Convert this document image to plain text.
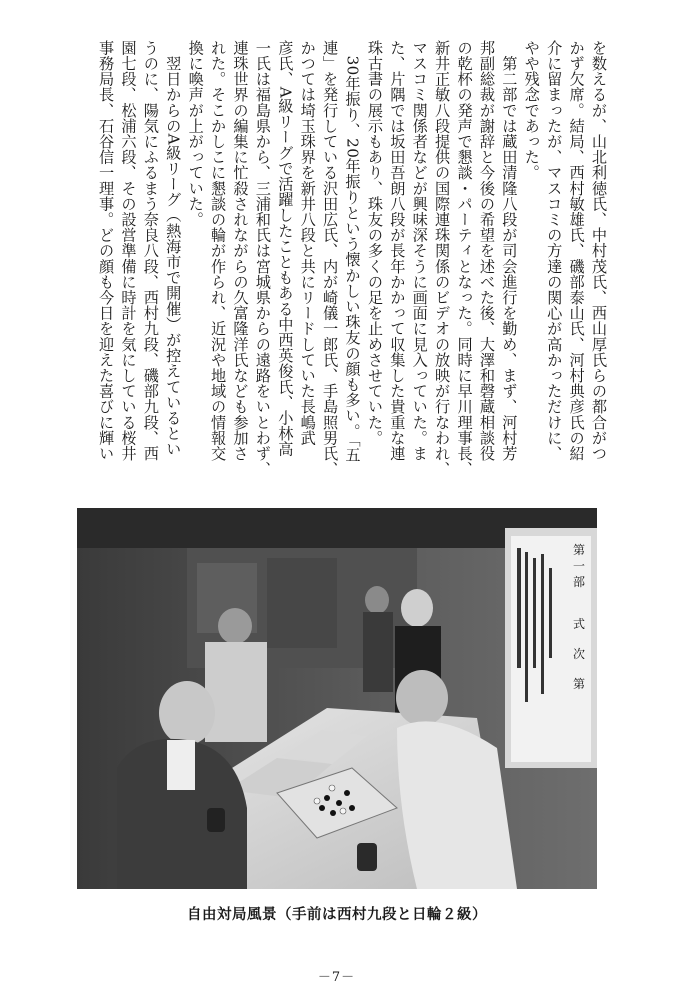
を数えるが、山北利徳氏、中村茂氏、西山厚氏らの都合がつ

かず欠席。結局、西村敏雄氏、磯部泰山氏、河村典彦氏の紹

介に留まったが、マスコミの方達の関心が高かっただけに、

やや残念であった。

　第二部では蔵田清隆八段が司会進行を勤め、まず、河村芳

邦副総裁が謝辞と今後の希望を述べた後、大澤和磬蔵相談役

の乾杯の発声で懇談・パーティとなった。同時に早川理事長、

新井正敏八段提供の国際連珠関係のビデオの放映が行なわれ、

マスコミ関係者などが興味深そうに画面に見入っていた。ま

た、片隅では坂田吾朗八段が長年かかって収集した貴重な連

珠古書の展示もあり、珠友の多くの足を止めさせていた。

　30年振り、20年振りという懐かしい珠友の顔も多い。「五

連」を発行している沢田広氏、内が崎儀一郎氏、手島照男氏、

かつては埼玉珠界を新井八段と共にリードしていた長嶋武

彦氏、A級リーグで活躍したこともある中西英俊氏、小林高

一氏は福島県から、三浦和氏は宮城県からの遠路をいとわず、

連珠世界の編集に忙殺されながらの久富隆洋氏なども参加さ

れた。そこかしこに懇談の輪が作られ、近況や地域の情報交

換に喚声が上がっていた。

　翌日からのA級リーグ（熱海市で開催）が控えているとい

うのに、陽気にふるまう奈良八段、西村九段、磯部九段、西

園七段、松浦六段、その設営準備に時計を気にしている桜井

事務局長、石谷信一理事。どの顔も今日を迎えた喜びに輝い

第
一
部
式
次
第
自由対局風景（手前は西村九段と日輪２級）
－7－
